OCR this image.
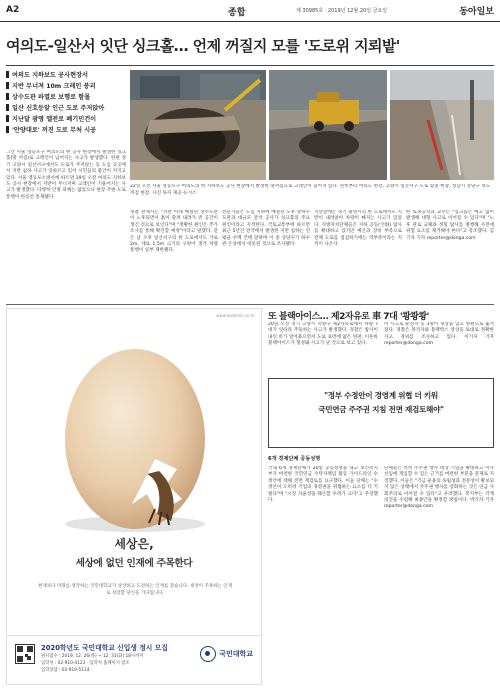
A2	종합	제 30985호 · 2019년 12월 20일 금요일	동아일보
여의도-일산서 잇단 싱크홀… 언제 꺼질지 모를 '도로위 지뢰밭'

여의도 지하보도 공사현장서

지반 무너져 10m 크레인 붕괴

상수도관 파열로 보행로 함몰

일산 신호등앞 인근 도로 주저앉아

지난달 광명 엘전로 폐기민건이

'안양대로' 꺼진 도로 무처 시공

22일 오전 서울 영등포구 여의도의 한 지하보도 공사 현장에서 발생한 땅꺼짐으로 크레인이 넘어져 있다. 왼쪽부터 여의도 현장, 고양시 일산서구 도로 함몰 현장, 성남시 분당구 보도 꺼짐 현장. 사진 독자 제공·뉴시스
그간 서울 영등포구 여의도의 한 공사 현장에서 발생한 싱크홀(땅 꺼짐)로 크레인이 넘어지는 사고가 발생했다. 한편 경기 고양시 일산서구에서도 도로가 주저앉는 등 도심 곳곳에서 지반 침하 사고가 잇따르고 있어 시민들의 불안이 커지고 있다. 서울 영등포소방서에 따르면 19일 오전 여의도 지하보도 공사 현장에서 지반이 무너지며 크레인이 기울어지는 사고가 발생했다. 다행히 인명 피해는 없었으나 현장 주변 도로 통행이 한동안 통제됐다.
경찰 관계자는 "지반 아래 매설된 상수도관이 노후되면서 흙이 쓸려 내려가 빈 공간이 생긴 것으로 보인다"며 "정확한 원인은 추가 조사를 통해 확인할 예정"이라고 말했다. 같은 날 오후 일산서구의 한 도로에서도 가로 2m, 세로 1.5m 크기의 구멍이 생겨 차량 통행이 일부 제한됐다.
전문가들은 도심 지하에 매설된 노후 상하수도관과 대규모 굴착 공사가 싱크홀의 주요 원인이라고 지적한다. 국토교통부에 따르면 최근 5년간 전국에서 발생한 지반 침하는 연평균 수백 건에 달하며 이 중 상당수가 하수관 손상에서 비롯된 것으로 조사됐다.
지난달에는 경기 광명시의 한 도로에서도 지반이 내려앉아 차량이 빠지는 사고가 있었다. 지방자치단체들은 지하 공동(空洞) 탐사를 확대하고 있지만 예산과 장비 부족으로 전체 도로를 점검하기에는 역부족이라는 지적이 나온다.
한 토목공학과 교수는 "싱크홀은 예고 없이 발생해 대형 사고로 이어질 수 있다"며 "노후 관로 교체와 정밀 탐사를 병행해 사전에 위험 요소를 제거해야 한다"고 강조했다. 김기자 기자 reporter@donga.com
www.kookmin.ac.kr
세상은,
세상에 없던 인재에 주목한다
현재보다 미래를 생각하는 국민대학교가 상상하고 도전하는 인재를 찾습니다. 세상이 주목하는 인재로 성장할 당신을 기다립니다.
2020학년도 국민대학교 신입생 정시 모집
원서접수 : 2019. 12. 26(목) ~ 12. 31(화) 18시까지
입학처 : 02-910-4123 · 입학처 홈페이지 참조
입학상담 : 02-910-5114
국민대학교
또 블랙아이스… 제2자유로 車 7대 '쾅쾅쾅'
20일 오전 경기 고양시 덕양구 제2자유로에서 차량 7대가 잇따라 추돌하는 사고가 발생했다. 경찰은 밤사이 내린 비가 얼어붙으면서 도로 표면에 얇은 빙판, 이른바 블랙아이스가 형성돼 사고가 난 것으로 보고 있다.
이 사고로 운전자 등 3명이 경상을 입고 병원으로 옮겨졌다. 경찰은 목격자와 블랙박스 영상을 토대로 정확한 사고 경위를 조사하고 있다. 이기자 기자 reporter@donga.com
"정부 수정안이 경영계 위협 더 키워
국민연금 주주권 지침 전면 재검토해야"
6개 경제단체 공동성명
국내 6개 경제단체가 20일 공동성명을 내고 보건복지부가 마련한 국민연금 수탁자책임 활동 가이드라인 수정안에 대해 전면 재검토를 요구했다. 이들 단체는 "수정안이 오히려 기업의 경영권을 위협하는 요소를 더 키웠다"며 "시장 자율성을 훼손할 우려가 크다"고 주장했다.
단체들은 특히 주주권 행사 대상 기업을 확대하고 이사 선임에 개입할 수 있는 근거를 마련한 부분을 문제로 지적했다. 이들은 "기금 운용의 독립성과 전문성이 확보되지 않은 상태에서 주주권 행사를 강화하는 것은 연금 사회주의로 이어질 수 있다"고 우려했다. 복지부는 각계 의견을 수렴해 최종안을 확정할 방침이다. 박기자 기자 reporter@donga.com
